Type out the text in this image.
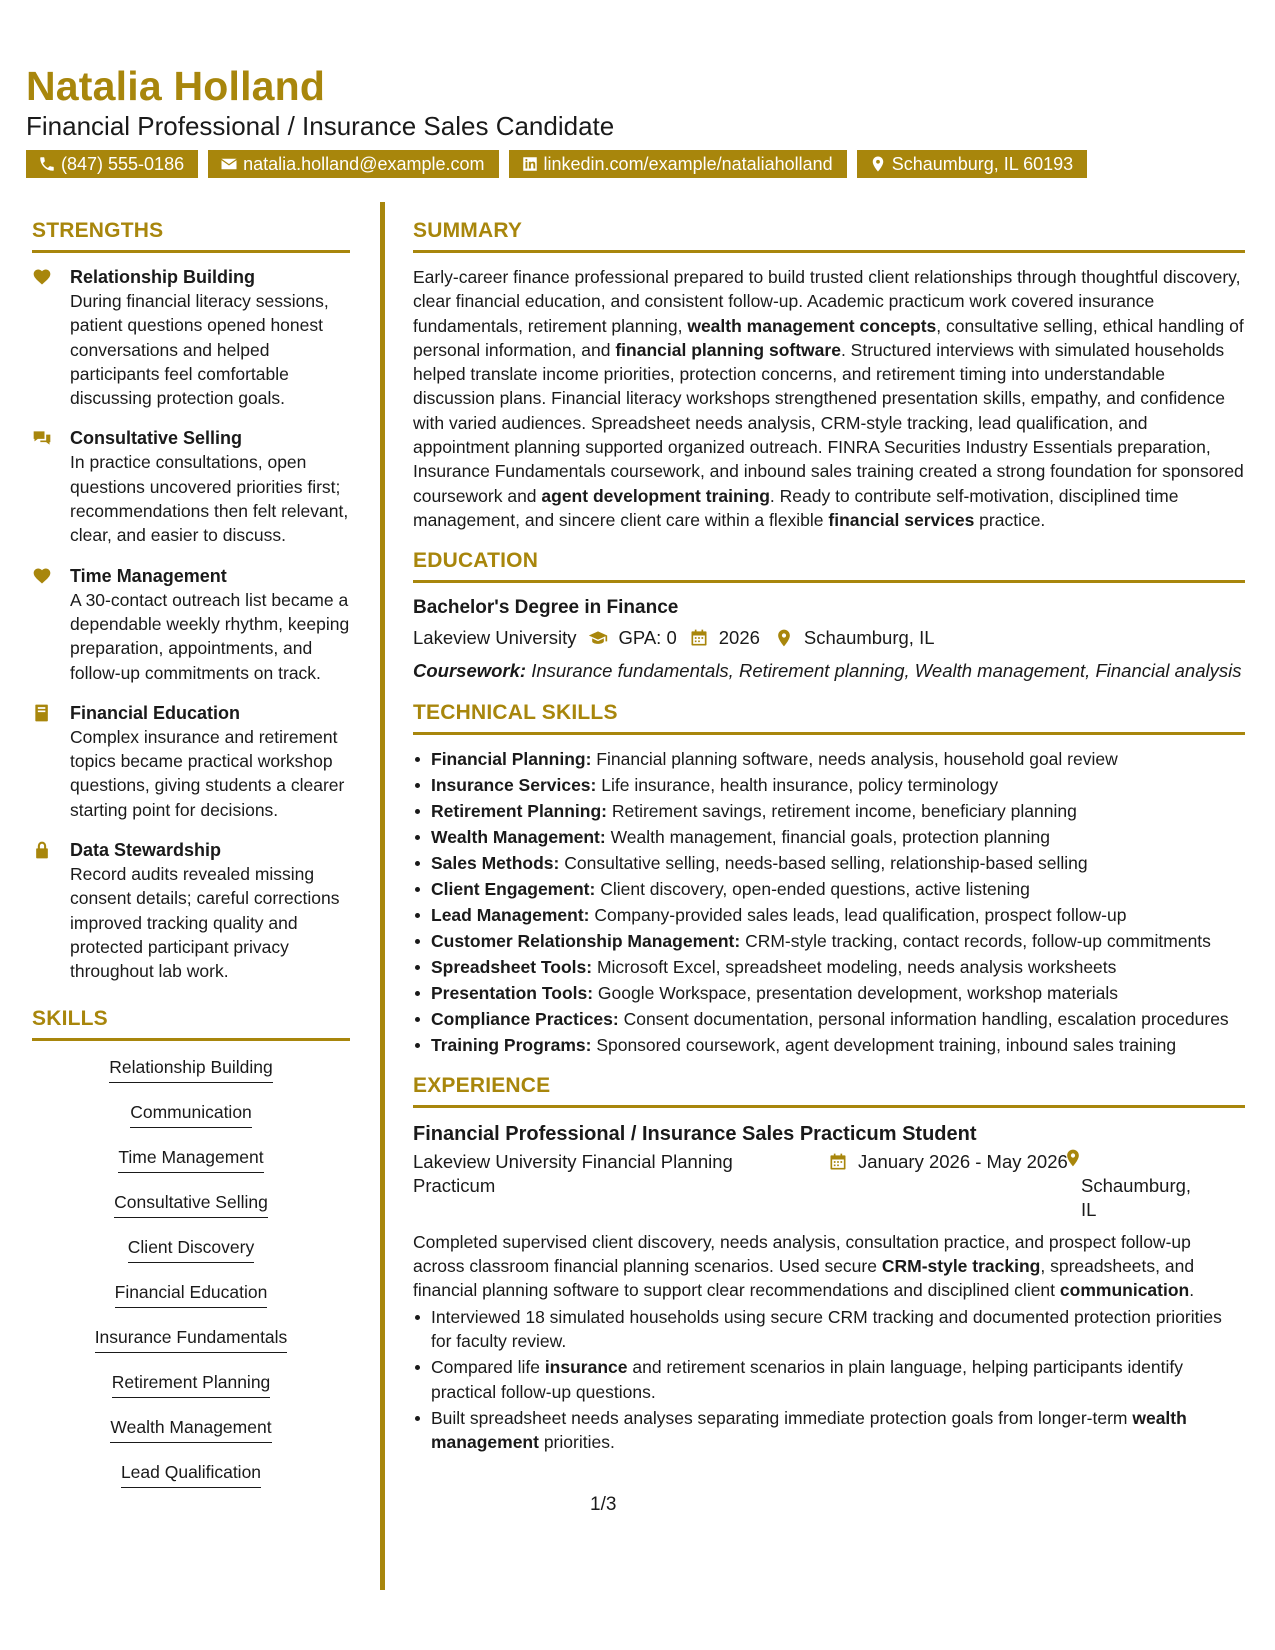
Natalia Holland
Financial Professional / Insurance Sales Candidate
(847) 555-0186	natalia.holland@example.com	linkedin.com/example/nataliaholland	Schaumburg, IL 60193
STRENGTHS
Relationship Building
During financial literacy sessions, patient questions opened honest conversations and helped participants feel comfortable discussing protection goals.
Consultative Selling
In practice consultations, open questions uncovered priorities first; recommendations then felt relevant, clear, and easier to discuss.
Time Management
A 30-contact outreach list became a dependable weekly rhythm, keeping preparation, appointments, and follow-up commitments on track.
Financial Education
Complex insurance and retirement topics became practical workshop questions, giving students a clearer starting point for decisions.
Data Stewardship
Record audits revealed missing consent details; careful corrections improved tracking quality and protected participant privacy throughout lab work.
SKILLS
Relationship Building
Communication
Time Management
Consultative Selling
Client Discovery
Financial Education
Insurance Fundamentals
Retirement Planning
Wealth Management
Lead Qualification
SUMMARY
Early-career finance professional prepared to build trusted client relationships through thoughtful discovery, clear financial education, and consistent follow-up. Academic practicum work covered insurance fundamentals, retirement planning, wealth management concepts, consultative selling, ethical handling of personal information, and financial planning software. Structured interviews with simulated households helped translate income priorities, protection concerns, and retirement timing into understandable discussion plans. Financial literacy workshops strengthened presentation skills, empathy, and confidence with varied audiences. Spreadsheet needs analysis, CRM-style tracking, lead qualification, and appointment planning supported organized outreach. FINRA Securities Industry Essentials preparation, Insurance Fundamentals coursework, and inbound sales training created a strong foundation for sponsored coursework and agent development training. Ready to contribute self-motivation, disciplined time management, and sincere client care within a flexible financial services practice.
EDUCATION
Bachelor's Degree in Finance
Lakeview University GPA: 0 2026 Schaumburg, IL
Coursework: Insurance fundamentals, Retirement planning, Wealth management, Financial analysis
TECHNICAL SKILLS
Financial Planning: Financial planning software, needs analysis, household goal review
Insurance Services: Life insurance, health insurance, policy terminology
Retirement Planning: Retirement savings, retirement income, beneficiary planning
Wealth Management: Wealth management, financial goals, protection planning
Sales Methods: Consultative selling, needs-based selling, relationship-based selling
Client Engagement: Client discovery, open-ended questions, active listening
Lead Management: Company-provided sales leads, lead qualification, prospect follow-up
Customer Relationship Management: CRM-style tracking, contact records, follow-up commitments
Spreadsheet Tools: Microsoft Excel, spreadsheet modeling, needs analysis worksheets
Presentation Tools: Google Workspace, presentation development, workshop materials
Compliance Practices: Consent documentation, personal information handling, escalation procedures
Training Programs: Sponsored coursework, agent development training, inbound sales training
EXPERIENCE
Financial Professional / Insurance Sales Practicum Student
Lakeview University Financial Planning Practicum
January 2026 - May 2026
Schaumburg, IL
Completed supervised client discovery, needs analysis, consultation practice, and prospect follow-up across classroom financial planning scenarios. Used secure CRM-style tracking, spreadsheets, and financial planning software to support clear recommendations and disciplined client communication.
Interviewed 18 simulated households using secure CRM tracking and documented protection priorities for faculty review.
Compared life insurance and retirement scenarios in plain language, helping participants identify practical follow-up questions.
Built spreadsheet needs analyses separating immediate protection goals from longer-term wealth management priorities.
1/3
